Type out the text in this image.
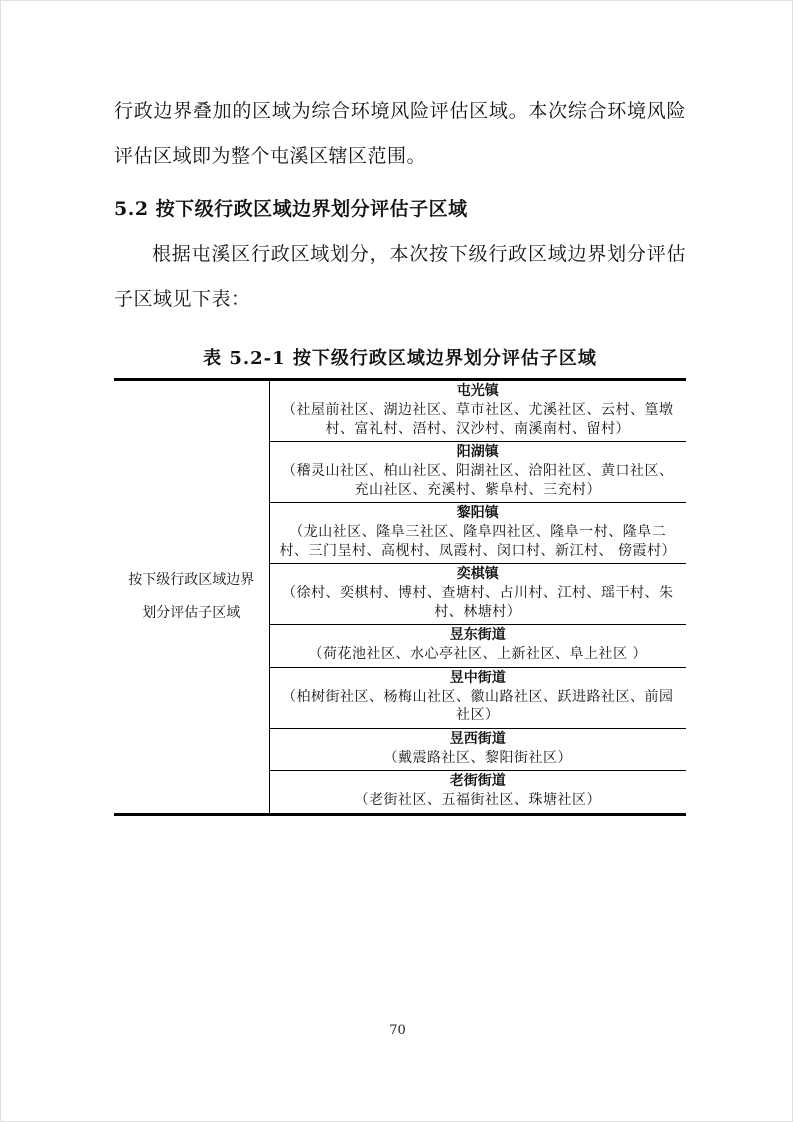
行政边界叠加的区域为综合环境风险评估区域。本次综合环境风险评估区域即为整个屯溪区辖区范围。

5.2 按下级行政区域边界划分评估子区域

根据屯溪区行政区域划分，本次按下级行政区域边界划分评估子区域见下表：

表 5.2-1 按下级行政区域边界划分评估子区域
按下级行政区域边界
划分评估子区域

屯光镇
（社屋前社区、湖边社区、草市社区、尤溪社区、云村、篁墩村、富礼村、浯村、汉沙村、南溪南村、留村）

阳湖镇
（稽灵山社区、柏山社区、阳湖社区、洽阳社区、黄口社区、充山社区、充溪村、紫阜村、三充村）

黎阳镇
（龙山社区、隆阜三社区、隆阜四社区、隆阜一村、隆阜二村、三门呈村、高枧村、凤霞村、闵口村、新江村、 傍霞村）

奕棋镇
（徐村、奕棋村、博村、查塘村、占川村、江村、瑶干村、朱村、林塘村）

昱东街道
（荷花池社区、水心亭社区、上新社区、阜上社区 ）

昱中街道
（柏树街社区、杨梅山社区、徽山路社区、跃进路社区、前园社区）

昱西街道
（戴震路社区、黎阳街社区）

老街街道
（老街社区、五福街社区、珠塘社区）
70
